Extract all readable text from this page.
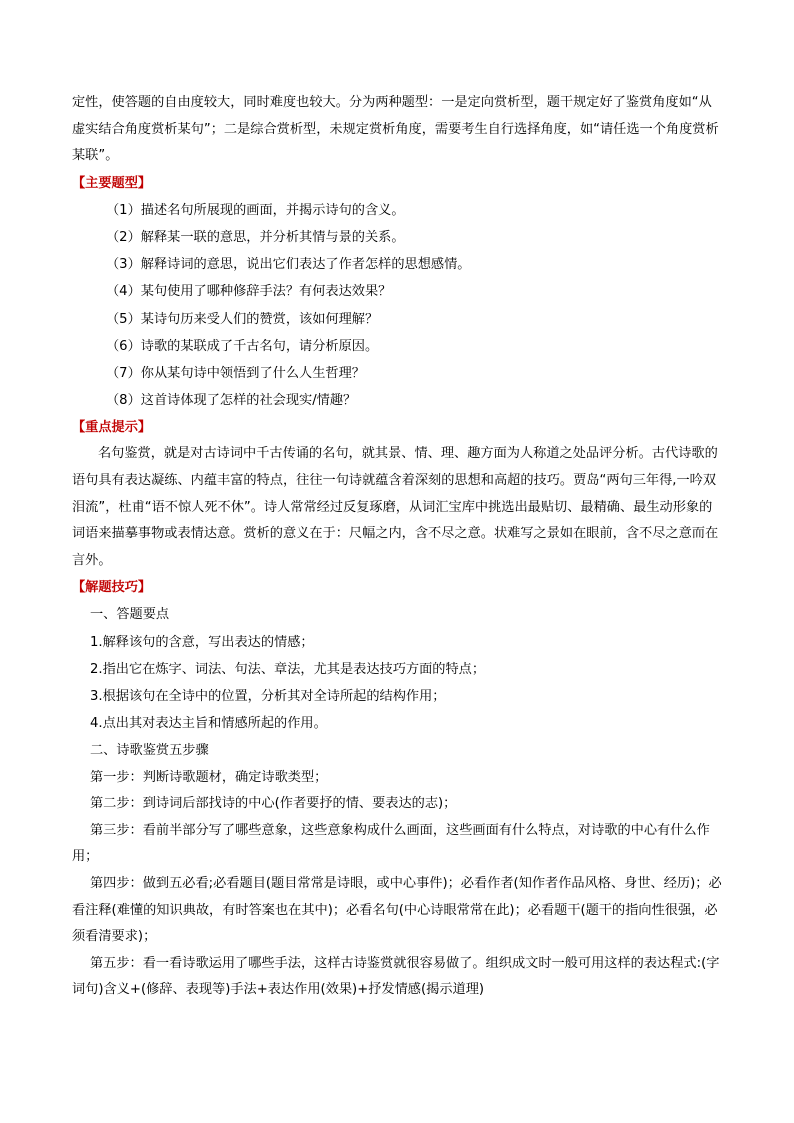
定性，使答题的自由度较大，同时难度也较大。分为两种题型：一是定向赏析型，题干规定好了鉴赏角度如“从虚实结合角度赏析某句”；二是综合赏析型，未规定赏析角度，需要考生自行选择角度，如“请任选一个角度赏析某联”。

【主要题型】

（1）描述名句所展现的画面，并揭示诗句的含义。

（2）解释某一联的意思，并分析其情与景的关系。

（3）解释诗词的意思，说出它们表达了作者怎样的思想感情。

（4）某句使用了哪种修辞手法？有何表达效果？

（5）某诗句历来受人们的赞赏，该如何理解？

（6）诗歌的某联成了千古名句，请分析原因。

（7）你从某句诗中领悟到了什么人生哲理？

（8）这首诗体现了怎样的社会现实/情趣？

【重点提示】

名句鉴赏，就是对古诗词中千古传诵的名句，就其景、情、理、趣方面为人称道之处品评分析。古代诗歌的语句具有表达凝练、内蕴丰富的特点，往往一句诗就蕴含着深刻的思想和高超的技巧。贾岛“两句三年得,一吟双泪流”，杜甫“语不惊人死不休”。诗人常常经过反复琢磨，从词汇宝库中挑选出最贴切、最精确、最生动形象的词语来描摹事物或表情达意。赏析的意义在于：尺幅之内，含不尽之意。状难写之景如在眼前，含不尽之意而在言外。

【解题技巧】

一、答题要点

1.解释该句的含意，写出表达的情感；

2.指出它在炼字、词法、句法、章法，尤其是表达技巧方面的特点；

3.根据该句在全诗中的位置，分析其对全诗所起的结构作用；

4.点出其对表达主旨和情感所起的作用。

二、诗歌鉴赏五步骤

第一步：判断诗歌题材，确定诗歌类型；

第二步：到诗词后部找诗的中心(作者要抒的情、要表达的志)；

第三步：看前半部分写了哪些意象，这些意象构成什么画面，这些画面有什么特点，对诗歌的中心有什么作用；

第四步：做到五必看;必看题目(题目常常是诗眼，或中心事件)；必看作者(知作者作品风格、身世、经历)；必看注释(难懂的知识典故，有时答案也在其中)；必看名句(中心诗眼常常在此)；必看题干(题干的指向性很强，必须看清要求)；

第五步：看一看诗歌运用了哪些手法，这样古诗鉴赏就很容易做了。组织成文时一般可用这样的表达程式:(字词句)含义+(修辞、表现等)手法+表达作用(效果)+抒发情感(揭示道理)
